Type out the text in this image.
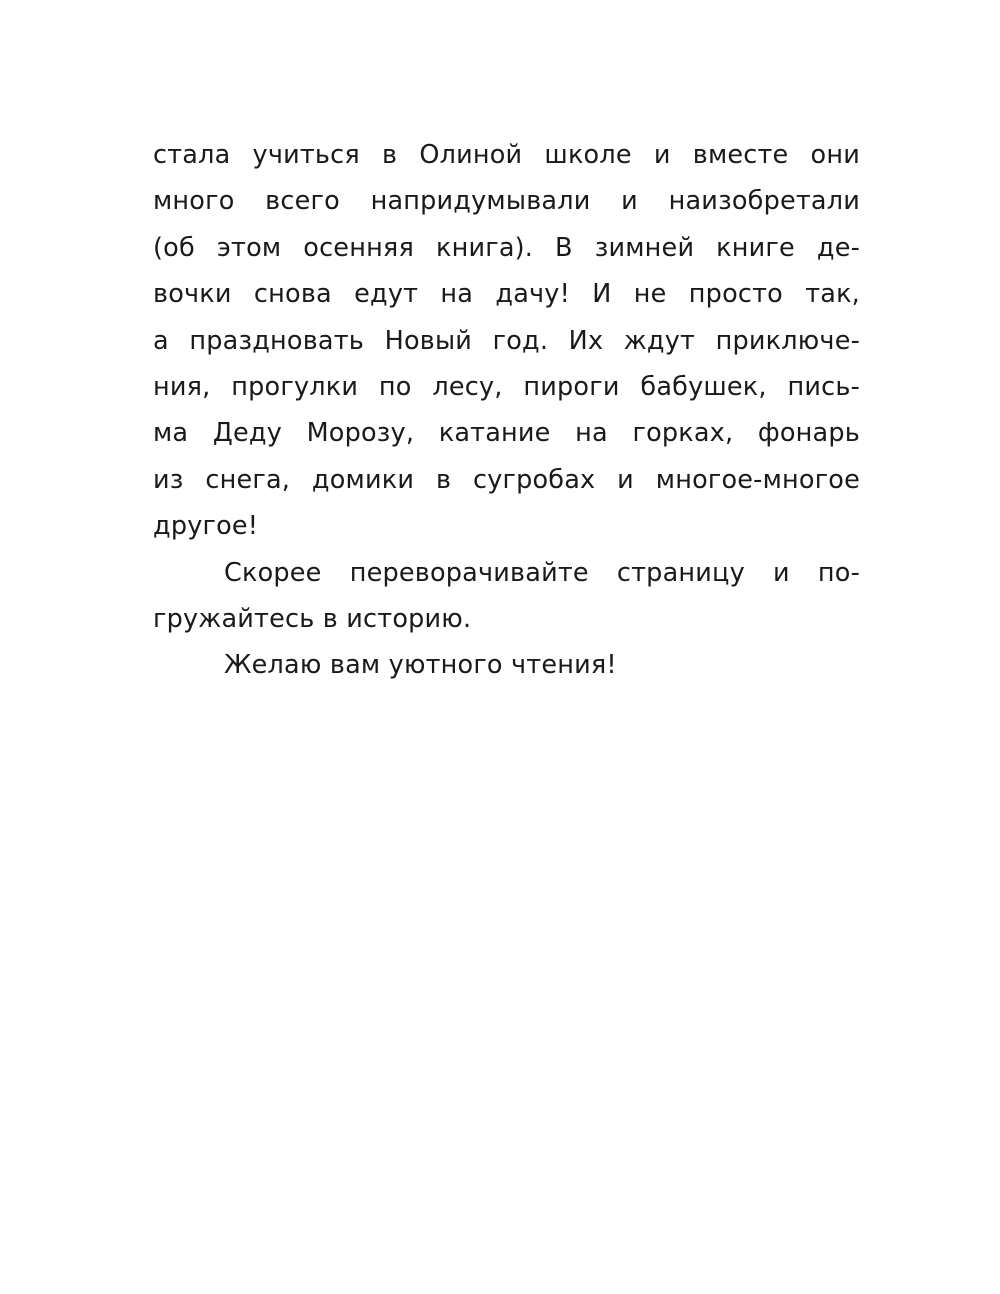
стала учиться в Олиной школе и вместе они
много всего напридумывали и наизобретали
(об этом осенняя книга). В зимней книге де-
вочки снова едут на дачу! И не просто так,
а праздновать Новый год. Их ждут приключе-
ния, прогулки по лесу, пироги бабушек, пись-
ма Деду Морозу, катание на горках, фонарь
из снега, домики в сугробах и многое-многое
другое!
Скорее переворачивайте страницу и по-
гружайтесь в историю.
Желаю вам уютного чтения!
